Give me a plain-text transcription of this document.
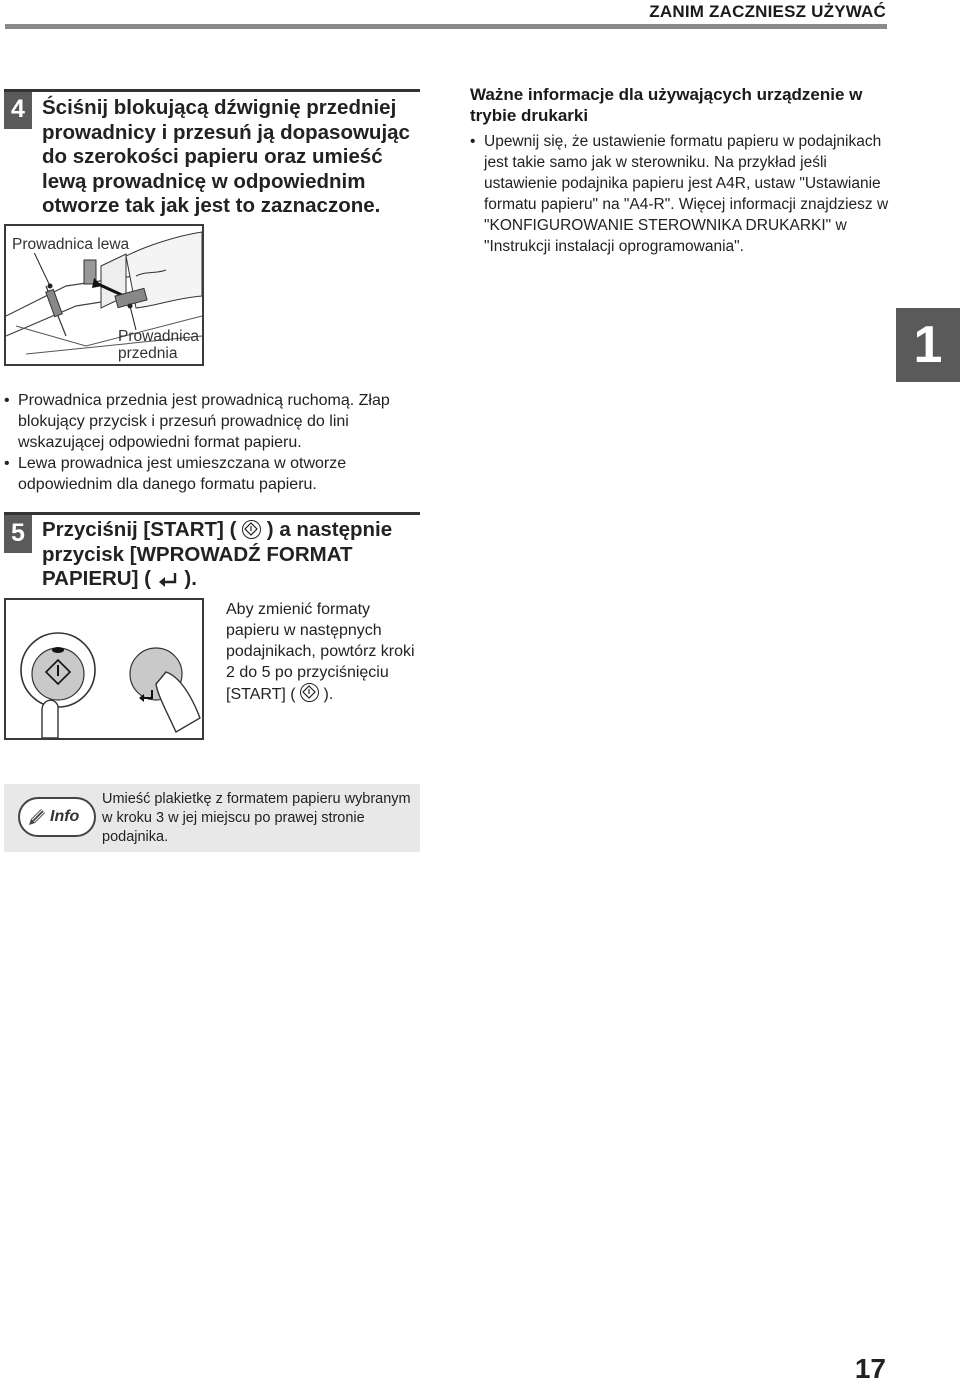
ZANIM ZACZNIESZ UŻYWAĆ
1
4 Ściśnij blokującą dźwignię przedniej prowadnicy i przesuń ją dopasowując do szerokości papieru oraz umieść lewą prowadnicę w odpowiednim otworze tak jak jest to zaznaczone.
Prowadnica lewa
Prowadnica
przednia
• Prowadnica przednia jest prowadnicą ruchomą. Złap blokujący przycisk i przesuń prowadnicę do lini wskazującej odpowiedni format papieru.
• Lewa prowadnica jest umieszczana w otworze odpowiednim dla danego formatu papieru.
Ważne informacje dla używających urządzenie w trybie drukarki
• Upewnij się, że ustawienie formatu papieru w podajnikach jest takie samo jak w sterowniku. Na przykład jeśli ustawienie podajnika papieru jest A4R, ustaw "Ustawianie formatu papieru" na "A4-R". Więcej informacji znajdziesz w "KONFIGUROWANIE STEROWNIKA DRUKARKI" w "Instrukcji instalacji oprogramowania".
5 Przyciśnij [START] ( ) a następnie przycisk [WPROWADŹ FORMAT PAPIERU] ( ).
Aby zmienić formaty papieru w następnych podajnikach, powtórz kroki 2 do 5 po przyciśnięciu [START] ( ).
Info
Umieść plakietkę z formatem papieru wybranym w kroku 3 w jej miejscu po prawej stronie podajnika.
17
